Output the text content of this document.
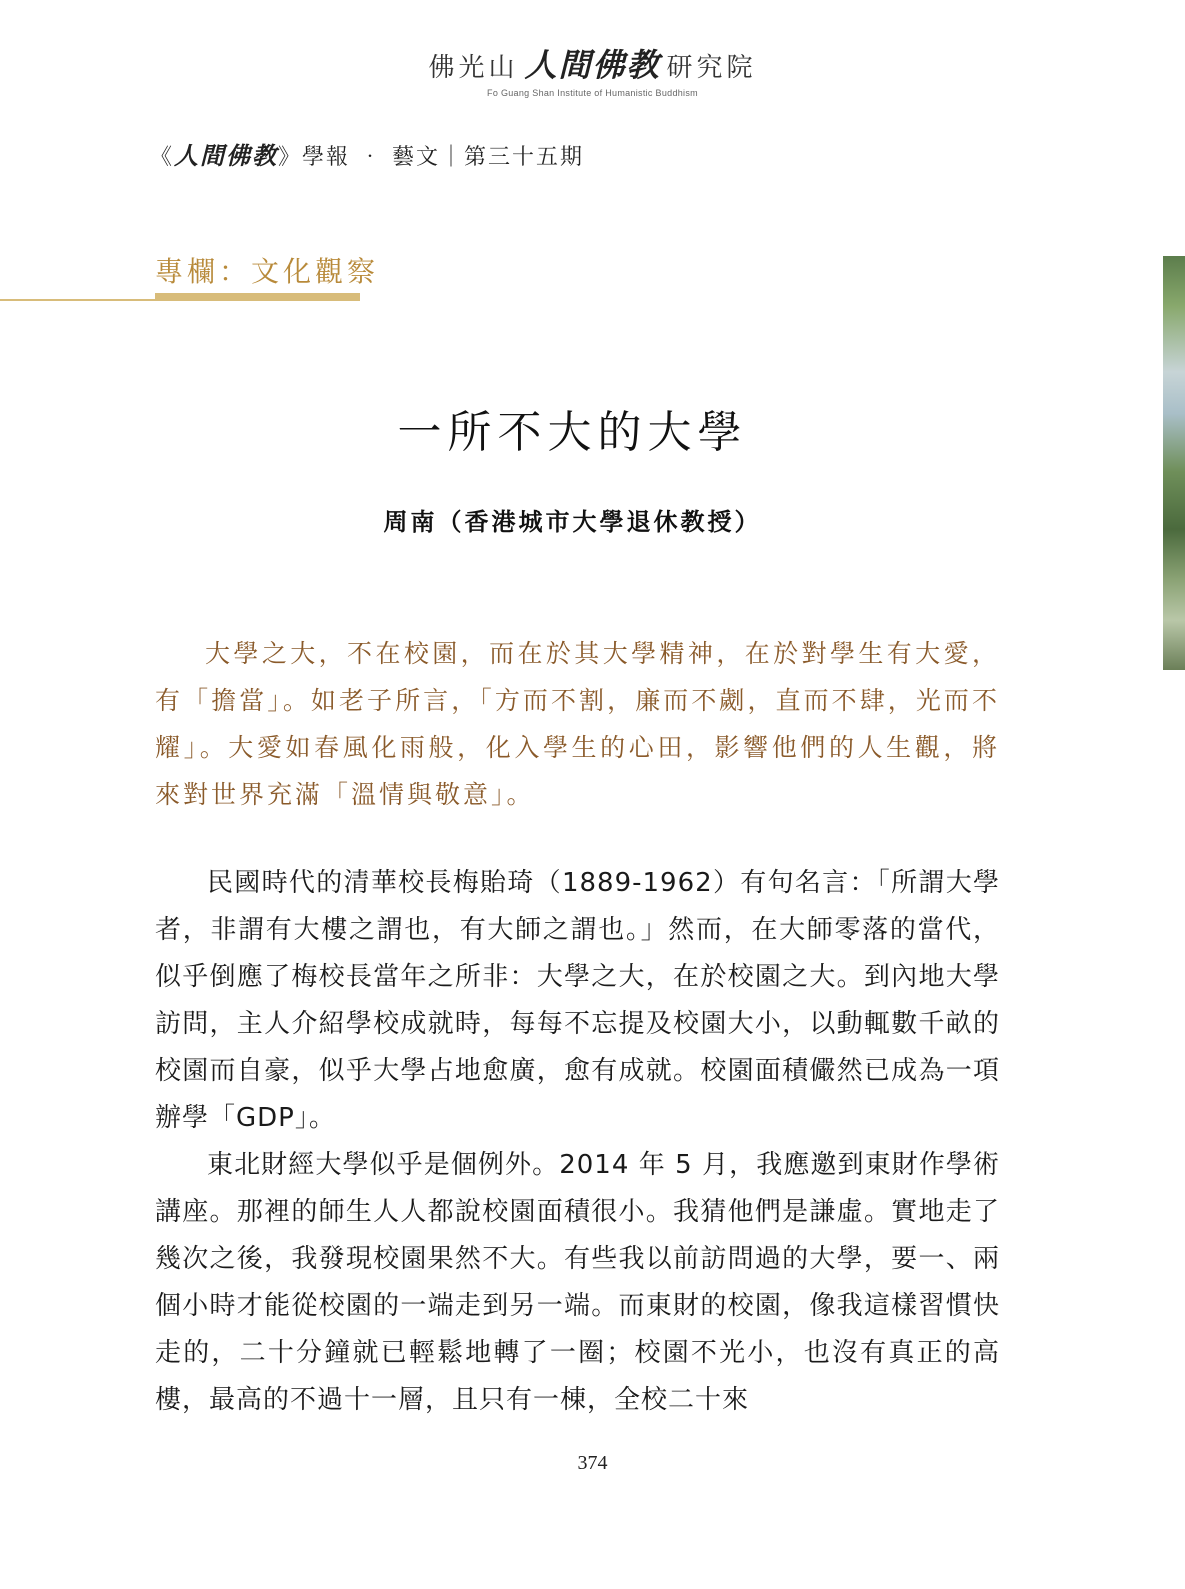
佛光山 人間佛教 研究院
Fo Guang Shan Institute of Humanistic Buddhism
《人間佛教》學報 ‧ 藝文｜第三十五期
專欄：文化觀察
一所不大的大學
周南（香港城市大學退休教授）
大學之大，不在校園，而在於其大學精神，在於對學生有大愛，有「擔當」。如老子所言，「方而不割，廉而不劌，直而不肆，光而不耀」。大愛如春風化雨般，化入學生的心田，影響他們的人生觀，將來對世界充滿「溫情與敬意」。

民國時代的清華校長梅貽琦（1889-1962）有句名言：「所謂大學者，非謂有大樓之謂也，有大師之謂也。」然而，在大師零落的當代，似乎倒應了梅校長當年之所非：大學之大，在於校園之大。到內地大學訪問，主人介紹學校成就時，每每不忘提及校園大小，以動輒數千畝的校園而自豪，似乎大學占地愈廣，愈有成就。校園面積儼然已成為一項辦學「GDP」。

東北財經大學似乎是個例外。2014 年 5 月，我應邀到東財作學術講座。那裡的師生人人都說校園面積很小。我猜他們是謙虛。實地走了幾次之後，我發現校園果然不大。有些我以前訪問過的大學，要一、兩個小時才能從校園的一端走到另一端。而東財的校園，像我這樣習慣快走的，二十分鐘就已輕鬆地轉了一圈；校園不光小，也沒有真正的高樓，最高的不過十一層，且只有一棟，全校二十來

374
